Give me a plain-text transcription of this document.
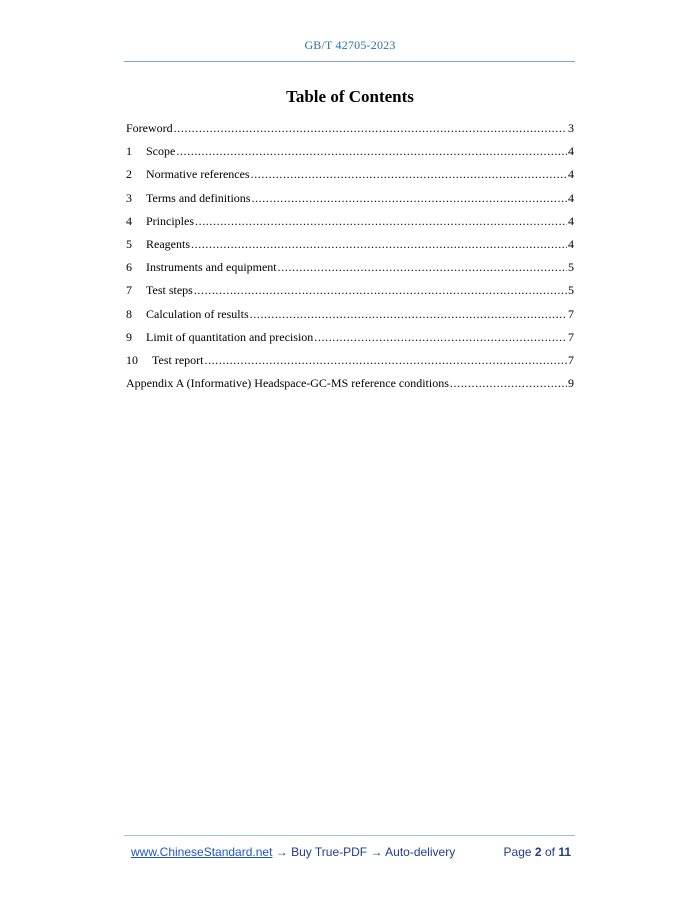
GB/T 42705-2023
Table of Contents
Foreword .....	3
1	Scope .....	4
2	Normative references .....	4
3	Terms and definitions .....	4
4	Principles .....	4
5	Reagents .....	4
6	Instruments and equipment .....	5
7	Test steps .....	5
8	Calculation of results .....	7
9	Limit of quantitation and precision .....	7
10	Test report .....	7
Appendix A (Informative) Headspace-GC-MS reference conditions .....	9
www.ChineseStandard.net → Buy True-PDF → Auto-delivery	Page 2 of 11
